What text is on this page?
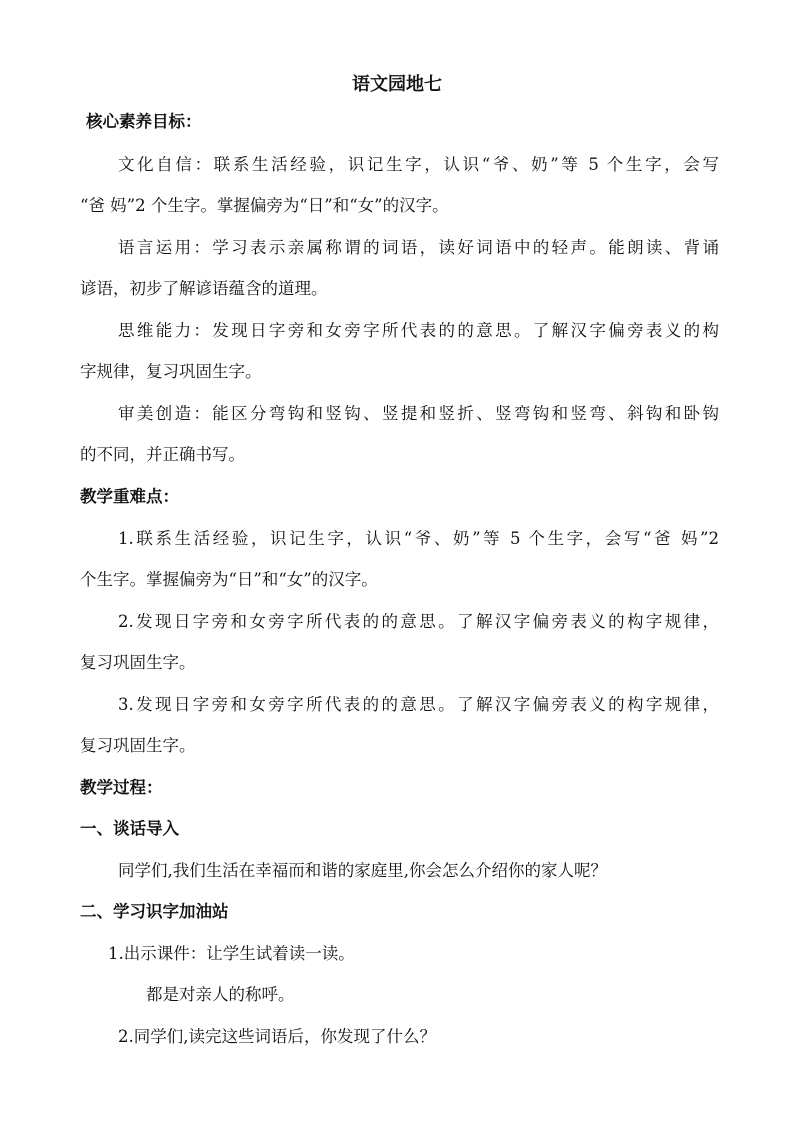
语文园地七

核心素养目标：

文化自信：联系生活经验，识记生字，认识“爷、奶”等 5 个生字，会写

“爸 妈”2 个生字。掌握偏旁为“日”和“女”的汉字。

语言运用：学习表示亲属称谓的词语，读好词语中的轻声。能朗读、背诵

谚语，初步了解谚语蕴含的道理。

思维能力：发现日字旁和女旁字所代表的的意思。了解汉字偏旁表义的构

字规律，复习巩固生字。

审美创造：能区分弯钩和竖钩、竖提和竖折、竖弯钩和竖弯、斜钩和卧钩

的不同，并正确书写。

教学重难点：

1.联系生活经验，识记生字，认识“爷、奶”等 5 个生字，会写“爸 妈”2

个生字。掌握偏旁为“日”和“女”的汉字。

2.发现日字旁和女旁字所代表的的意思。了解汉字偏旁表义的构字规律，

复习巩固生字。

3.发现日字旁和女旁字所代表的的意思。了解汉字偏旁表义的构字规律，

复习巩固生字。

教学过程：

一、谈话导入

同学们,我们生活在幸福而和谐的家庭里,你会怎么介绍你的家人呢？

二、学习识字加油站

1.出示课件：让学生试着读一读。

都是对亲人的称呼。

2.同学们,读完这些词语后，你发现了什么？
